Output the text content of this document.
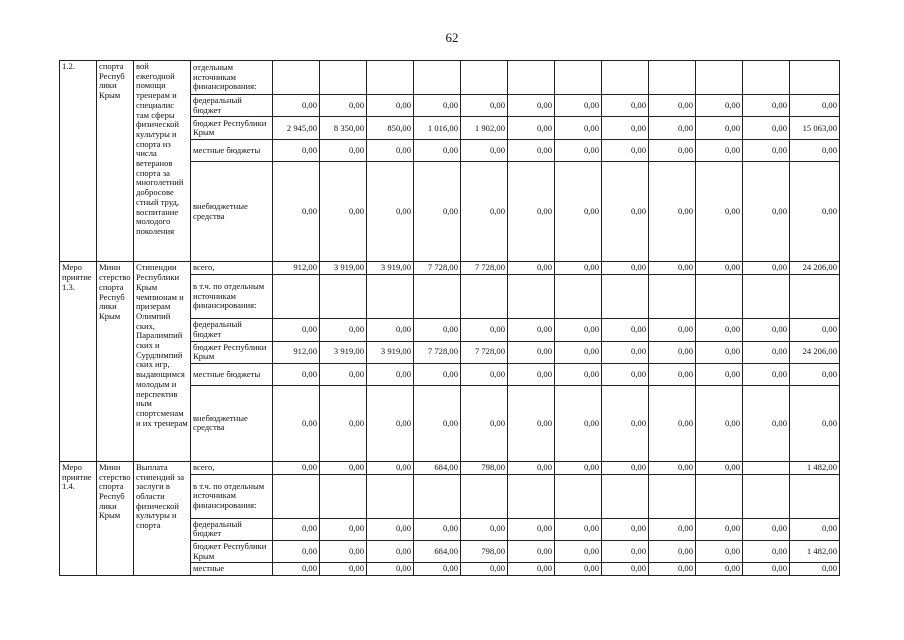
62
1.2.	спорта Респуб лики Крым	вой ежегодной помощи тренерам и специалис там сферы физической культуры и спорта из числа ветеранов спорта за многолетний добросове стный труд, воспитание молодого поколения	отдельным источникам финансирования:												
			федеральный бюджет	0,00	0,00	0,00	0,00	0,00	0,00	0,00	0,00	0,00	0,00	0,00	0,00
			бюджет Республики Крым	2 945,00	8 350,00	850,00	1 016,00	1 902,00	0,00	0,00	0,00	0,00	0,00	0,00	15 063,00
			местные бюджеты	0,00	0,00	0,00	0,00	0,00	0,00	0,00	0,00	0,00	0,00	0,00	0,00
			внебюджетные средства	0,00	0,00	0,00	0,00	0,00	0,00	0,00	0,00	0,00	0,00	0,00	0,00
Меро приятие 1.3.	Мини стерство спорта Респуб лики Крым	Стипендии Республики Крым чемпионам и призерам Олимпий ских, Паралимпий ских и Сурдлимпий ских игр, выдающимся молодым и перспектив ным спортсменам и их тренерам	всего,	912,00	3 919,00	3 919,00	7 728,00	7 728,00	0,00	0,00	0,00	0,00	0,00	0,00	24 206,00
			в т.ч. по отдельным источникам финансирования:												
			федеральный бюджет	0,00	0,00	0,00	0,00	0,00	0,00	0,00	0,00	0,00	0,00	0,00	0,00
			бюджет Республики Крым	912,00	3 919,00	3 919,00	7 728,00	7 728,00	0,00	0,00	0,00	0,00	0,00	0,00	24 206,00
			местные бюджеты	0,00	0,00	0,00	0,00	0,00	0,00	0,00	0,00	0,00	0,00	0,00	0,00
			внебюджетные средства	0,00	0,00	0,00	0,00	0,00	0,00	0,00	0,00	0,00	0,00	0,00	0,00
Меро приятие 1.4.	Мини стерство спорта Респуб лики Крым	Выплата стипендий за заслуги в области физической культуры и спорта	всего,	0,00	0,00	0,00	684,00	798,00	0,00	0,00	0,00	0,00	0,00		1 482,00
			в т.ч. по отдельным источникам финансирования:												
			федеральный бюджет	0,00	0,00	0,00	0,00	0,00	0,00	0,00	0,00	0,00	0,00	0,00	0,00
			бюджет Республики Крым	0,00	0,00	0,00	684,00	798,00	0,00	0,00	0,00	0,00	0,00	0,00	1 482,00
			местные	0,00	0,00	0,00	0,00	0,00	0,00	0,00	0,00	0,00	0,00	0,00	0,00
